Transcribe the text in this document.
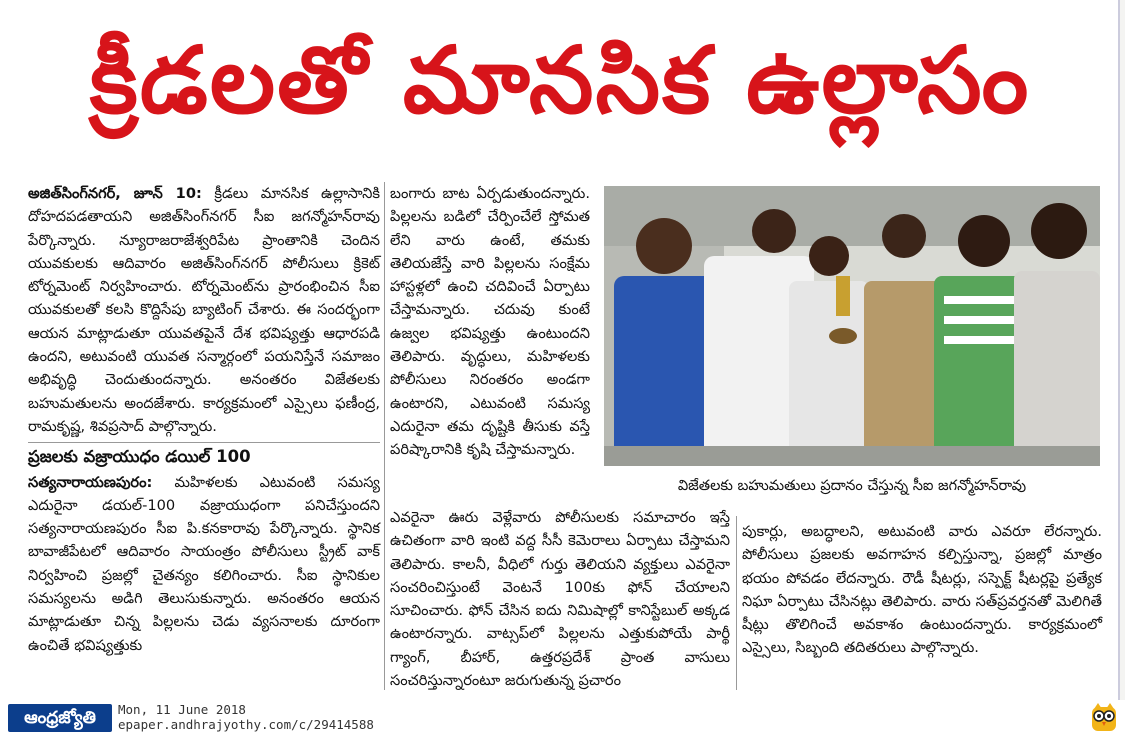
క్రీడలతో మానసిక ఉల్లాసం

అజిత్‌సింగ్‌నగర్, జూన్ 10: క్రీడలు మానసిక ఉల్లాసానికి దోహదపడతాయని అజిత్‌సింగ్‌నగర్ సీఐ జగన్మోహన్‌రావు పేర్కొన్నారు. న్యూరాజరాజేశ్వరిపేట ప్రాంతానికి చెందిన యువకులకు ఆదివారం అజిత్‌సింగ్‌నగర్ పోలీసులు క్రికెట్ టోర్నమెంట్ నిర్వహించారు. టోర్నమెంట్‌ను ప్రారంభించిన సీఐ యువకులతో కలసి కొద్దిసేపు బ్యాటింగ్ చేశారు. ఈ సందర్భంగా ఆయన మాట్లాడుతూ యువతపైనే దేశ భవిష్యత్తు ఆధారపడి ఉందని, అటువంటి యువత సన్మార్గంలో పయనిస్తేనే సమాజం అభివృద్ధి చెందుతుందన్నారు. అనంతరం విజేతలకు బహుమతులను అందజేశారు. కార్యక్రమంలో ఎస్సైలు ఫణీంద్ర, రామకృష్ణ, శివప్రసాద్ పాల్గొన్నారు.

ప్రజలకు వజ్రాయుధం డయిల్ 100

సత్యనారాయణపురం: మహిళలకు ఎటువంటి సమస్య ఎదురైనా డయల్-100 వజ్రాయుధంగా పనిచేస్తుందని సత్యనారాయణపురం సీఐ పి.కనకారావు పేర్కొన్నారు. స్థానిక బావాజీపేటలో ఆదివారం సాయంత్రం పోలీసులు స్ట్రీట్ వాక్ నిర్వహించి ప్రజల్లో చైతన్యం కలిగించారు. సీఐ స్థానికుల సమస్యలను అడిగి తెలుసుకున్నారు. అనంతరం ఆయన మాట్లాడుతూ చిన్న పిల్లలను చెడు వ్యసనాలకు దూరంగా ఉంచితే భవిష్యత్తుకు

బంగారు బాట ఏర్పడుతుందన్నారు. పిల్లలను బడిలో చేర్పించేలే స్తోమత లేని వారు ఉంటే, తమకు తెలియజేస్తే వారి పిల్లలను సంక్షేమ హాస్టళ్లలో ఉంచి చదివించే ఏర్పాటు చేస్తామన్నారు. చదువు కుంటే ఉజ్వల భవిష్యత్తు ఉంటుందని తెలిపారు. వృద్ధులు, మహిళలకు పోలీసులు నిరంతరం అండగా ఉంటారని, ఎటువంటి సమస్య ఎదురైనా తమ దృష్టికి తీసుకు వస్తే పరిష్కారానికి కృషి చేస్తామన్నారు.

ఎవరైనా ఊరు వెళ్లేవారు పోలీసులకు సమాచారం ఇస్తే ఉచితంగా వారి ఇంటి వద్ద సీసీ కెమెరాలు ఏర్పాటు చేస్తామని తెలిపారు. కాలనీ, వీధిలో గుర్తు తెలియని వ్యక్తులు ఎవరైనా సంచరించిస్తుంటే వెంటనే 100కు ఫోన్ చేయాలని సూచించారు. ఫోన్ చేసిన ఐదు నిమిషాల్లో కానిస్టేబుల్ అక్కడ ఉంటారన్నారు. వాట్సప్‌లో పిల్లలను ఎత్తుకుపోయే పార్థీ గ్యాంగ్, బీహార్, ఉత్తరప్రదేశ్ ప్రాంత వాసులు సంచరిస్తున్నారంటూ జరుగుతున్న ప్రచారం

పుకార్లు, అబద్ధాలని, అటువంటి వారు ఎవరూ లేరన్నారు. పోలీసులు ప్రజలకు అవగాహన కల్పిస్తున్నా, ప్రజల్లో మాత్రం భయం పోవడం లేదన్నారు. రౌడీ షీటర్లు, సస్పెక్ట్ షీటర్లపై ప్రత్యేక నిఘా ఏర్పాటు చేసినట్లు తెలిపారు. వారు సత్‌ప్రవర్తనతో మెలిగితే షీట్లు తొలిగించే అవకాశం ఉంటుందన్నారు. కార్యక్రమంలో ఎస్సైలు, సిబ్బంది తదితరులు పాల్గొన్నారు.

విజేతలకు బహుమతులు ప్రదానం చేస్తున్న సీఐ జగన్మోహన్‌రావు
ఆంధ్రజ్యోతి	Mon, 11 June 2018
epaper.andhrajyothy.com/c/29414588
